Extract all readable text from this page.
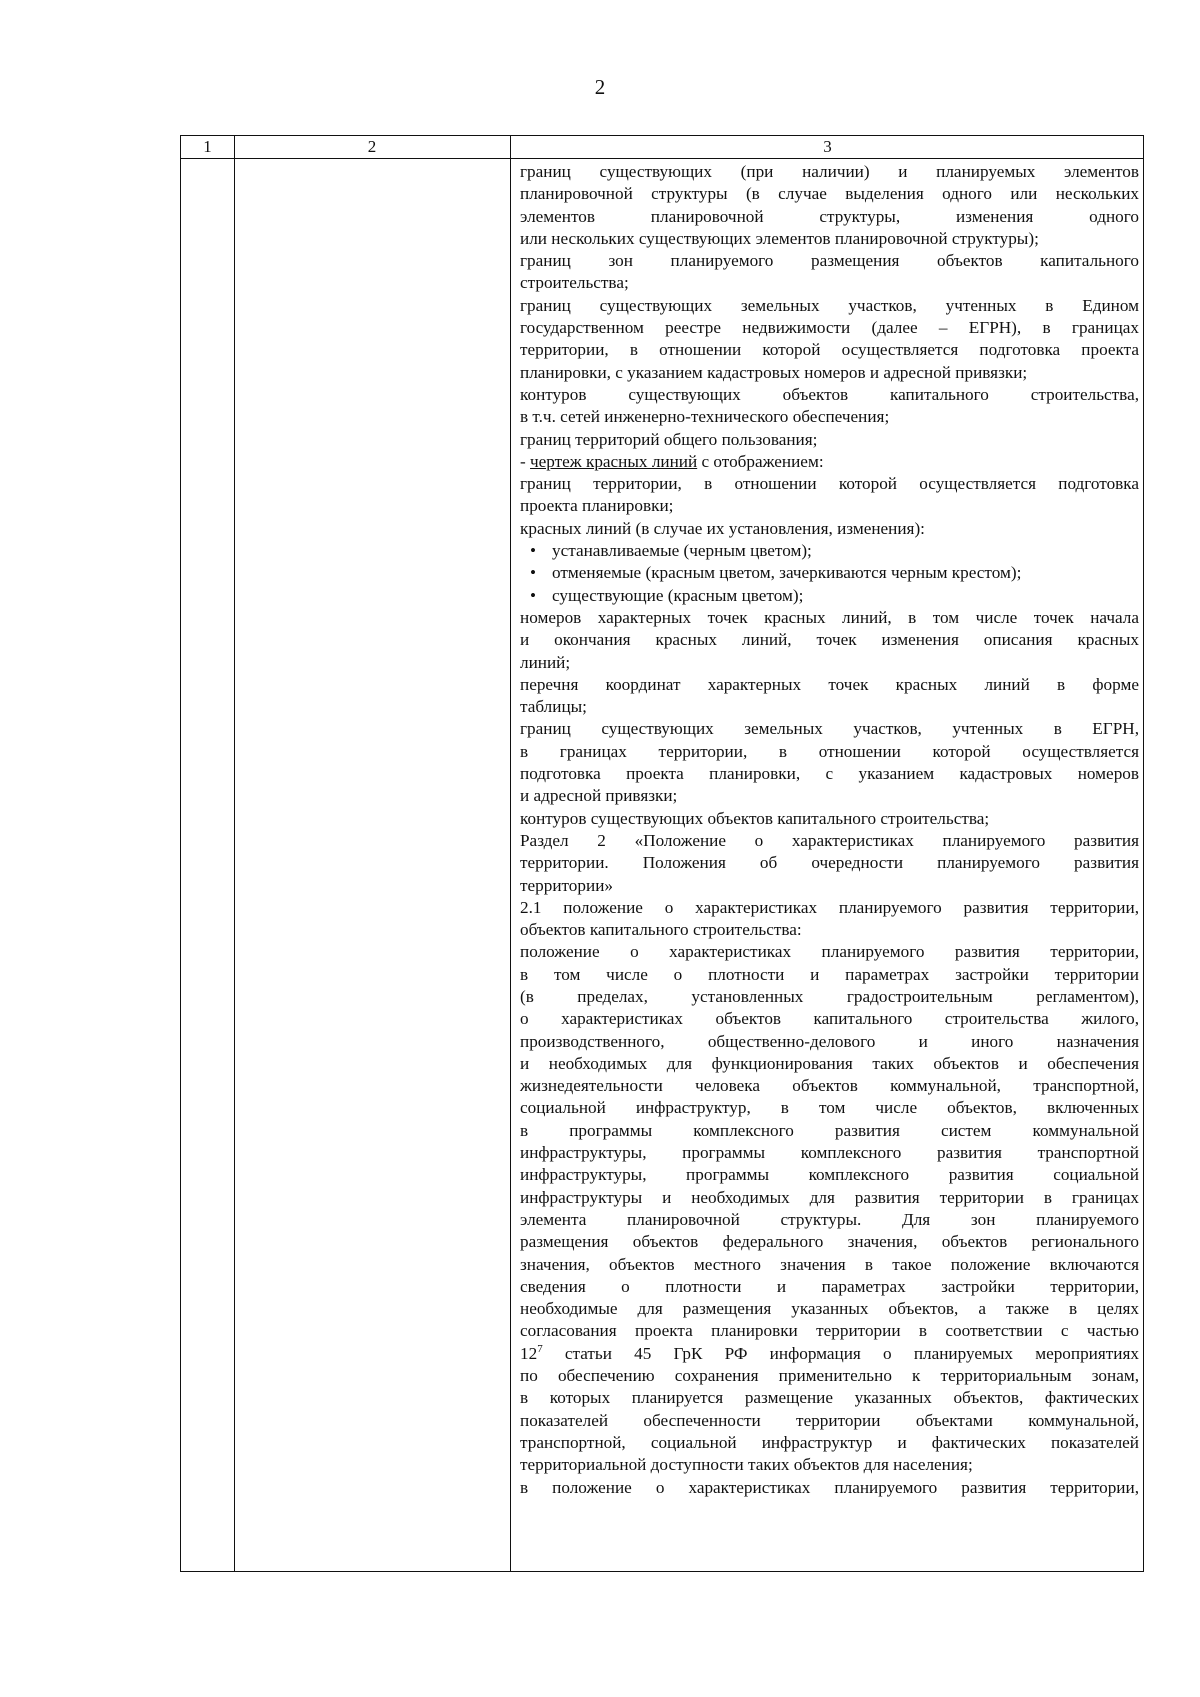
2
1	2	3
границ существующих (при наличии) и планируемых элементов
планировочной структуры (в случае выделения одного или нескольких
элементов планировочной структуры, изменения одного
или нескольких существующих элементов планировочной структуры);
границ зон планируемого размещения объектов капитального
строительства;
границ существующих земельных участков, учтенных в Едином
государственном реестре недвижимости (далее – ЕГРН), в границах
территории, в отношении которой осуществляется подготовка проекта
планировки, с указанием кадастровых номеров и адресной привязки;
контуров существующих объектов капитального строительства,
в т.ч. сетей инженерно-технического обеспечения;
границ территорий общего пользования;
- чертеж красных линий с отображением:
границ территории, в отношении которой осуществляется подготовка
проекта планировки;
красных линий (в случае их установления, изменения):
• устанавливаемые (черным цветом);
• отменяемые (красным цветом, зачеркиваются черным крестом);
• существующие (красным цветом);
номеров характерных точек красных линий, в том числе точек начала
и окончания красных линий, точек изменения описания красных
линий;
перечня координат характерных точек красных линий в форме
таблицы;
границ существующих земельных участков, учтенных в ЕГРН,
в границах территории, в отношении которой осуществляется
подготовка проекта планировки, с указанием кадастровых номеров
и адресной привязки;
контуров существующих объектов капитального строительства;
Раздел 2 «Положение о характеристиках планируемого развития
территории. Положения об очередности планируемого развития
территории»
2.1 положение о характеристиках планируемого развития территории,
объектов капитального строительства:
положение о характеристиках планируемого развития территории,
в том числе о плотности и параметрах застройки территории
(в пределах, установленных градостроительным регламентом),
о характеристиках объектов капитального строительства жилого,
производственного, общественно-делового и иного назначения
и необходимых для функционирования таких объектов и обеспечения
жизнедеятельности человека объектов коммунальной, транспортной,
социальной инфраструктур, в том числе объектов, включенных
в программы комплексного развития систем коммунальной
инфраструктуры, программы комплексного развития транспортной
инфраструктуры, программы комплексного развития социальной
инфраструктуры и необходимых для развития территории в границах
элемента планировочной структуры. Для зон планируемого
размещения объектов федерального значения, объектов регионального
значения, объектов местного значения в такое положение включаются
сведения о плотности и параметрах застройки территории,
необходимые для размещения указанных объектов, а также в целях
согласования проекта планировки территории в соответствии с частью
$12^7$ статьи 45 ГрК РФ информация о планируемых мероприятиях
по обеспечению сохранения применительно к территориальным зонам,
в которых планируется размещение указанных объектов, фактических
показателей обеспеченности территории объектами коммунальной,
транспортной, социальной инфраструктур и фактических показателей
территориальной доступности таких объектов для населения;
в положение о характеристиках планируемого развития территории,
